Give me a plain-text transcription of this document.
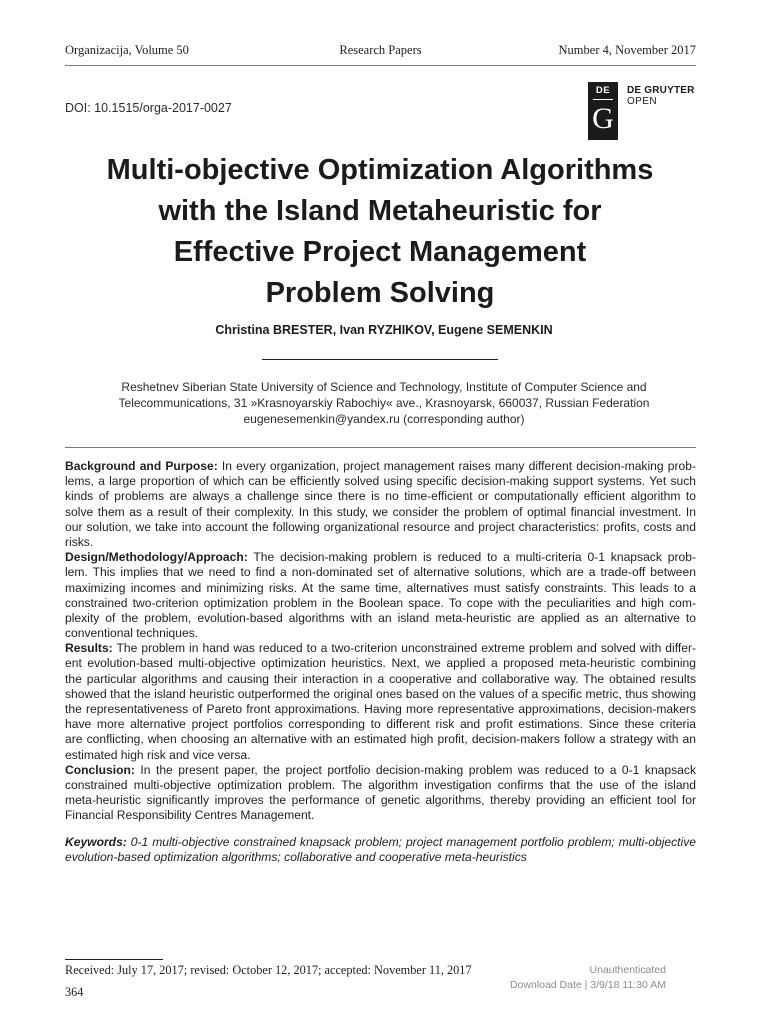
Organizacija, Volume 50	Research Papers	Number 4, November 2017
DOI: 10.1515/orga-2017-0027
DE
G
DE GRUYTER
OPEN
Multi-objective Optimization Algorithms
with the Island Metaheuristic for
Effective Project Management
Problem Solving
Christina BRESTER, Ivan RYZHIKOV, Eugene SEMENKIN
Reshetnev Siberian State University of Science and Technology, Institute of Computer Science and
Telecommunications, 31 »Krasnoyarskiy Rabochiy« ave., Krasnoyarsk, 660037, Russian Federation
eugenesemenkin@yandex.ru (corresponding author)
Background and Purpose: In every organization, project management raises many different decision-making prob-
lems, a large proportion of which can be efficiently solved using specific decision-making support systems. Yet such
kinds of problems are always a challenge since there is no time-efficient or computationally efficient algorithm to
solve them as a result of their complexity. In this study, we consider the problem of optimal financial investment. In
our solution, we take into account the following organizational resource and project characteristics: profits, costs and
risks.
Design/Methodology/Approach: The decision-making problem is reduced to a multi-criteria 0-1 knapsack prob-
lem. This implies that we need to find a non-dominated set of alternative solutions, which are a trade-off between
maximizing incomes and minimizing risks. At the same time, alternatives must satisfy constraints. This leads to a
constrained two-criterion optimization problem in the Boolean space. To cope with the peculiarities and high com-
plexity of the problem, evolution-based algorithms with an island meta-heuristic are applied as an alternative to
conventional techniques.
Results: The problem in hand was reduced to a two-criterion unconstrained extreme problem and solved with differ-
ent evolution-based multi-objective optimization heuristics. Next, we applied a proposed meta-heuristic combining
the particular algorithms and causing their interaction in a cooperative and collaborative way. The obtained results
showed that the island heuristic outperformed the original ones based on the values of a specific metric, thus showing
the representativeness of Pareto front approximations. Having more representative approximations, decision-makers
have more alternative project portfolios corresponding to different risk and profit estimations. Since these criteria
are conflicting, when choosing an alternative with an estimated high profit, decision-makers follow a strategy with an
estimated high risk and vice versa.
Conclusion: In the present paper, the project portfolio decision-making problem was reduced to a 0-1 knapsack
constrained multi-objective optimization problem. The algorithm investigation confirms that the use of the island
meta-heuristic significantly improves the performance of genetic algorithms, thereby providing an efficient tool for
Financial Responsibility Centres Management.
Keywords: 0-1 multi-objective constrained knapsack problem; project management portfolio problem; multi-objective
evolution-based optimization algorithms; collaborative and cooperative meta-heuristics
Received: July 17, 2017; revised: October 12, 2017; accepted: November 11, 2017
364
Unauthenticated
Download Date | 3/9/18 11:30 AM
